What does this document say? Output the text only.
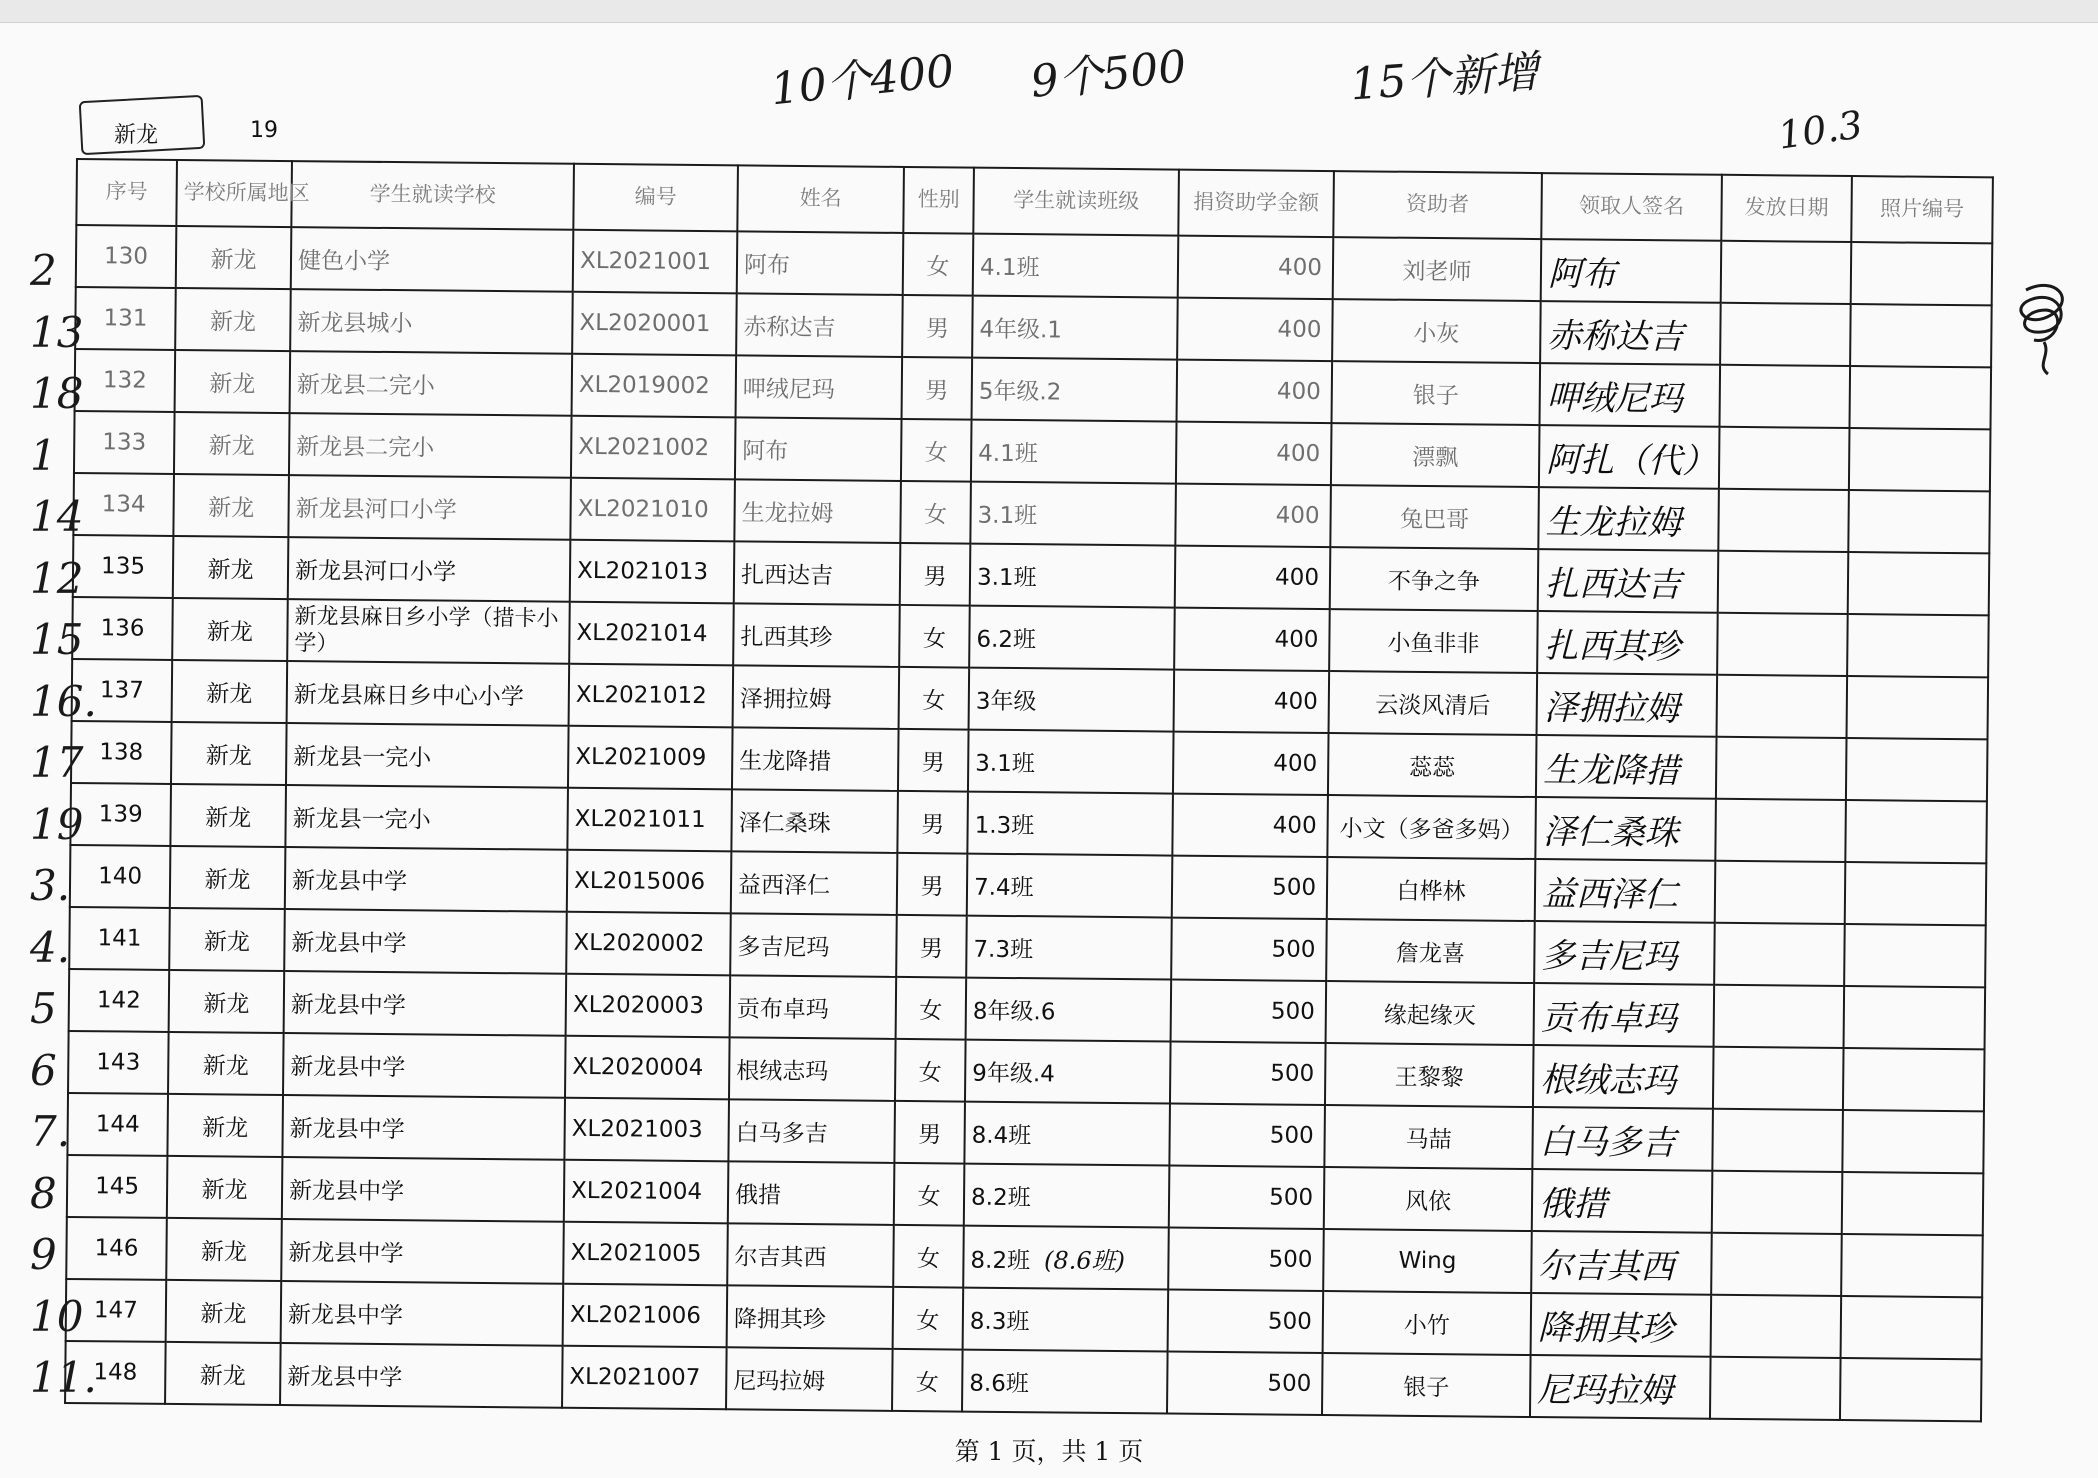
10个400 9个500	15个新增
10.3
新龙	19
2
13
18
1
14
12
15
16.
17
19
3.
4.
5
6
7.
8
9
10
11.
序号	学校所属地区	学生就读学校	编号	姓名	性别	学生就读班级	捐资助学金额	资助者	领取人签名	发放日期	照片编号
130	新龙	健色小学	XL2021001	阿布	女	4.1班	400	刘老师	阿布		
131	新龙	新龙县城小	XL2020001	赤称达吉	男	4年级.1	400	小灰	赤称达吉		
132	新龙	新龙县二完小	XL2019002	呷绒尼玛	男	5年级.2	400	银子	呷绒尼玛		
133	新龙	新龙县二完小	XL2021002	阿布	女	4.1班	400	漂飘	阿扎（代）		
134	新龙	新龙县河口小学	XL2021010	生龙拉姆	女	3.1班	400	兔巴哥	生龙拉姆		
135	新龙	新龙县河口小学	XL2021013	扎西达吉	男	3.1班	400	不争之争	扎西达吉		
136	新龙	新龙县麻日乡小学（措卡小学）	XL2021014	扎西其珍	女	6.2班	400	小鱼非非	扎西其珍		
137	新龙	新龙县麻日乡中心小学	XL2021012	泽拥拉姆	女	3年级	400	云淡风清后	泽拥拉姆		
138	新龙	新龙县一完小	XL2021009	生龙降措	男	3.1班	400	蕊蕊	生龙降措		
139	新龙	新龙县一完小	XL2021011	泽仁桑珠	男	1.3班	400	小文（多爸多妈）	泽仁桑珠		
140	新龙	新龙县中学	XL2015006	益西泽仁	男	7.4班	500	白桦林	益西泽仁		
141	新龙	新龙县中学	XL2020002	多吉尼玛	男	7.3班	500	詹龙喜	多吉尼玛		
142	新龙	新龙县中学	XL2020003	贡布卓玛	女	8年级.6	500	缘起缘灭	贡布卓玛		
143	新龙	新龙县中学	XL2020004	根绒志玛	女	9年级.4	500	王黎黎	根绒志玛		
144	新龙	新龙县中学	XL2021003	白马多吉	男	8.4班	500	马喆	白马多吉		
145	新龙	新龙县中学	XL2021004	俄措	女	8.2班	500	风依	俄措		
146	新龙	新龙县中学	XL2021005	尔吉其西	女	8.2班 (8.6班)	500	Wing	尔吉其西		
147	新龙	新龙县中学	XL2021006	降拥其珍	女	8.3班	500	小竹	降拥其珍		
148	新龙	新龙县中学	XL2021007	尼玛拉姆	女	8.6班	500	银子	尼玛拉姆		
第 1 页，共 1 页
